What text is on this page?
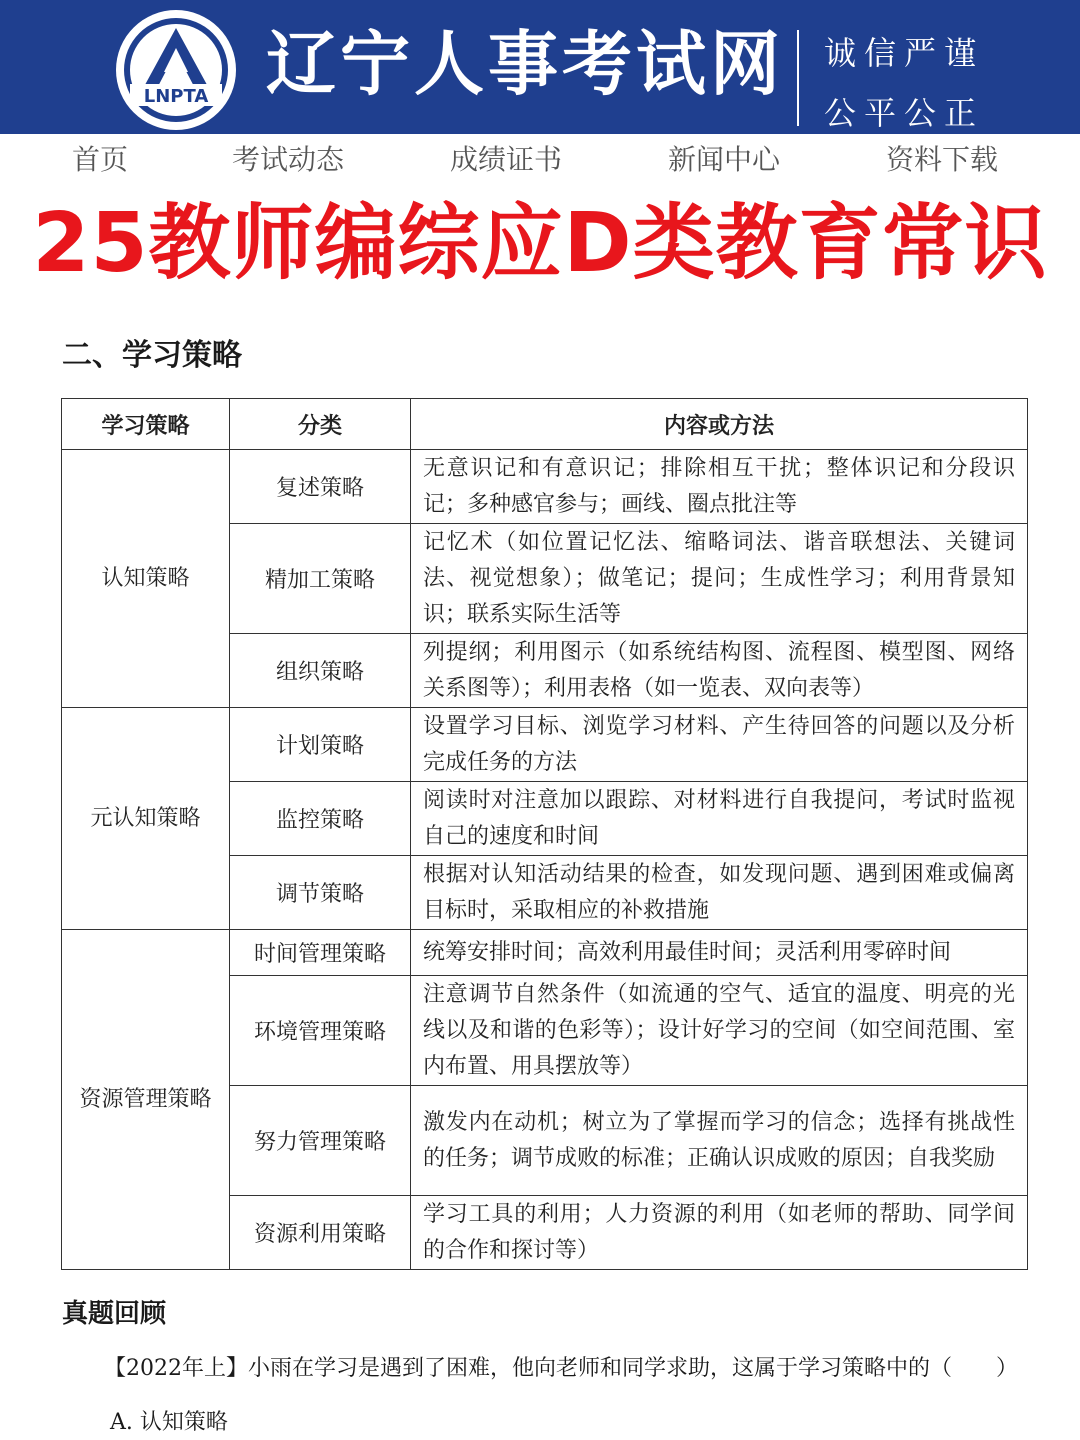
LNPTA 辽宁人事考试网 诚信严谨
公平公正
首页	考试动态	成绩证书	新闻中心	资料下载
25教师编综应D类教育常识
二、学习策略
学习策略	分类	内容或方法
认知策略	复述策略	无意识记和有意识记；排除相互干扰；整体识记和分段识记；多种感官参与；画线、圈点批注等
	精加工策略	记忆术（如位置记忆法、缩略词法、谐音联想法、关键词法、视觉想象）；做笔记；提问；生成性学习；利用背景知识；联系实际生活等
	组织策略	列提纲；利用图示（如系统结构图、流程图、模型图、网络关系图等）；利用表格（如一览表、双向表等）
元认知策略	计划策略	设置学习目标、浏览学习材料、产生待回答的问题以及分析完成任务的方法
	监控策略	阅读时对注意加以跟踪、对材料进行自我提问，考试时监视自己的速度和时间
	调节策略	根据对认知活动结果的检查，如发现问题、遇到困难或偏离目标时，采取相应的补救措施
资源管理策略	时间管理策略	统筹安排时间；高效利用最佳时间；灵活利用零碎时间
	环境管理策略	注意调节自然条件（如流通的空气、适宜的温度、明亮的光线以及和谐的色彩等）；设计好学习的空间（如空间范围、室内布置、用具摆放等）
	努力管理策略	激发内在动机；树立为了掌握而学习的信念；选择有挑战性的任务；调节成败的标准；正确认识成败的原因；自我奖励
	资源利用策略	学习工具的利用；人力资源的利用（如老师的帮助、同学间的合作和探讨等）
真题回顾
【2022年上】小雨在学习是遇到了困难，他向老师和同学求助，这属于学习策略中的（　　）
A. 认知策略
